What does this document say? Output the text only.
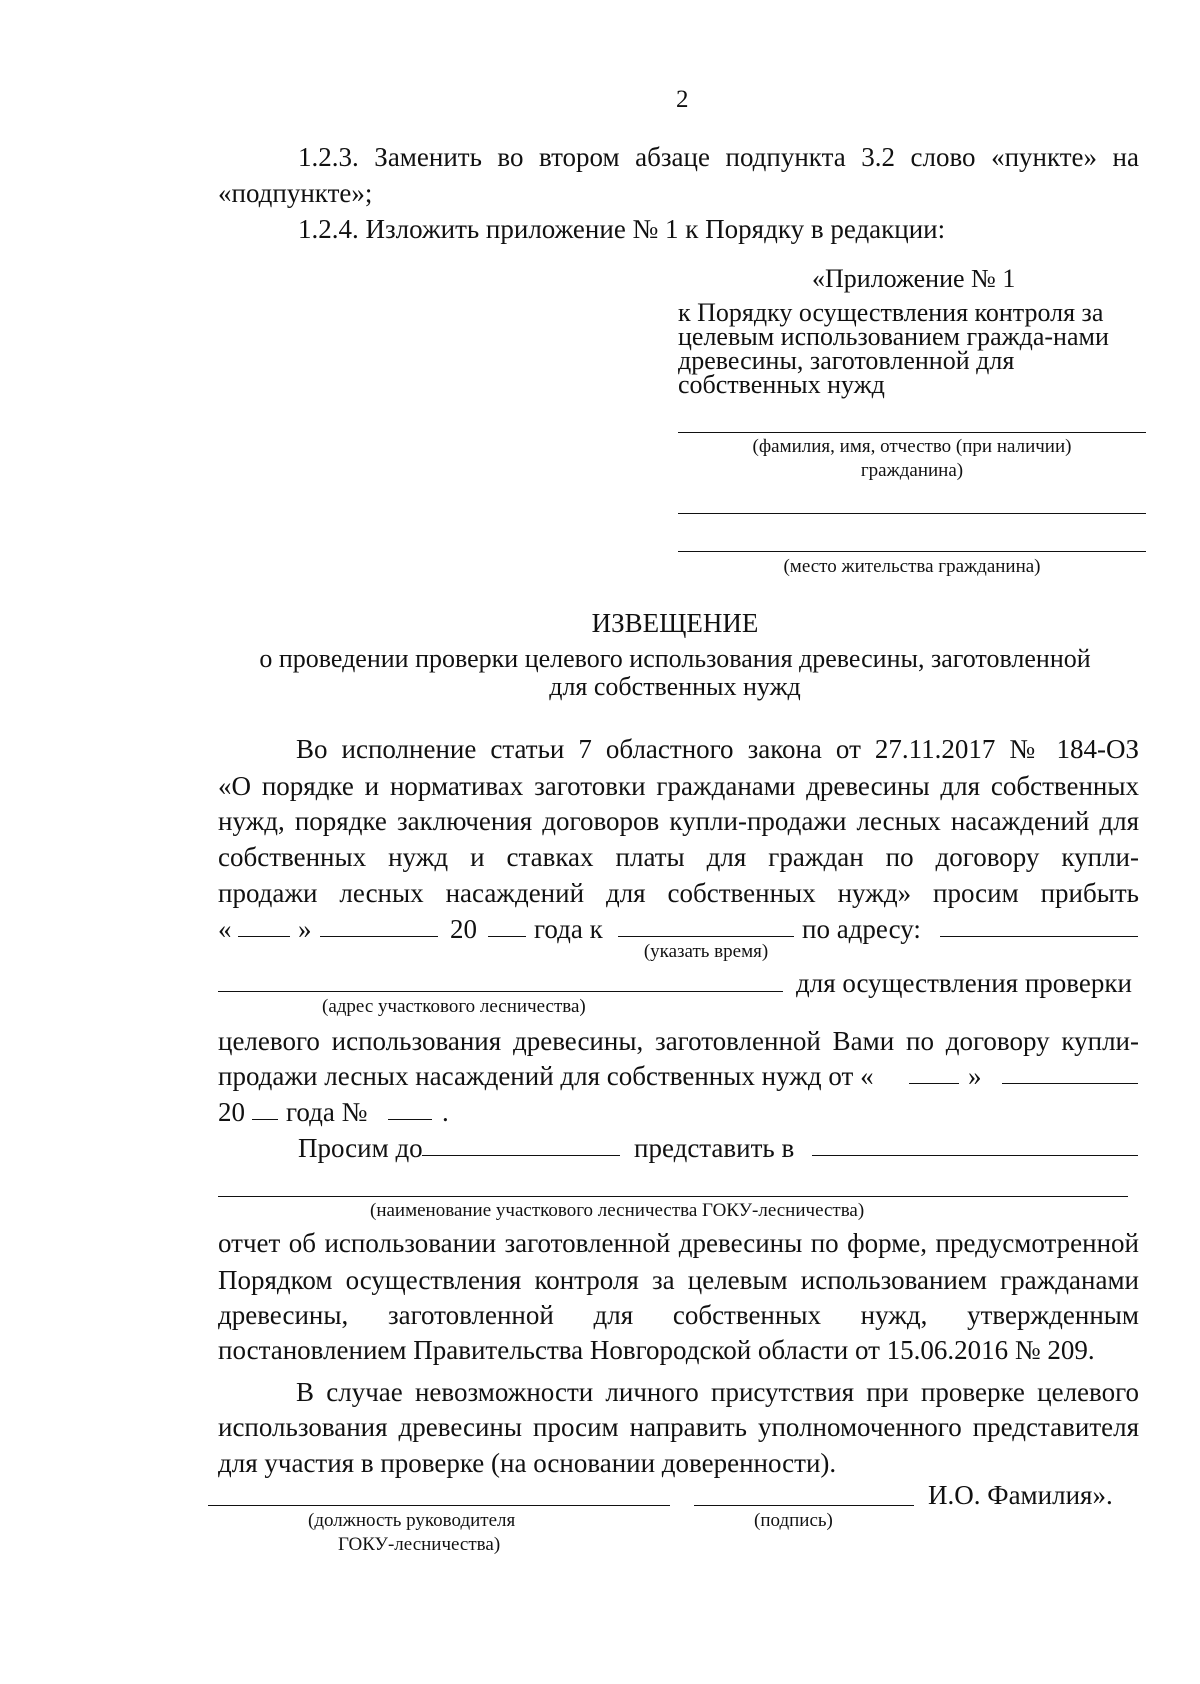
2
1.2.3. Заменить во втором абзаце подпункта 3.2 слово «пункте» на
«подпункте»;
1.2.4. Изложить приложение № 1 к Порядку в редакции:
«Приложение № 1
к Порядку осуществления контроля за целевым использованием гражда-нами древесины, заготовленной для собственных нужд
(фамилия, имя, отчество (при наличии)
гражданина)
(место жительства гражданина)
ИЗВЕЩЕНИЕ
о проведении проверки целевого использования древесины, заготовленной
для собственных нужд
Во исполнение статьи 7 областного закона от 27.11.2017 № 184-ОЗ
«О порядке и нормативах заготовки гражданами древесины для собственных
нужд, порядке заключения договоров купли-продажи лесных насаждений для
собственных нужд и ставках платы для граждан по договору купли-
продажи лесных насаждений для собственных нужд» просим прибыть
« »	20 года к	по адресу:
(указать время)
для осуществления проверки
(адрес участкового лесничества)
целевого использования древесины, заготовленной Вами по договору купли-
продажи лесных насаждений для собственных нужд от «	»
20 года №	.
Просим до	представить в
(наименование участкового лесничества ГОКУ-лесничества)
отчет об использовании заготовленной древесины по форме, предусмотренной
Порядком осуществления контроля за целевым использованием гражданами
древесины, заготовленной для собственных нужд, утвержденным
постановлением Правительства Новгородской области от 15.06.2016 № 209.
В случае невозможности личного присутствия при проверке целевого
использования древесины просим направить уполномоченного представителя
для участия в проверке (на основании доверенности).
И.О. Фамилия».
(должность руководителя
ГОКУ-лесничества)
(подпись)
